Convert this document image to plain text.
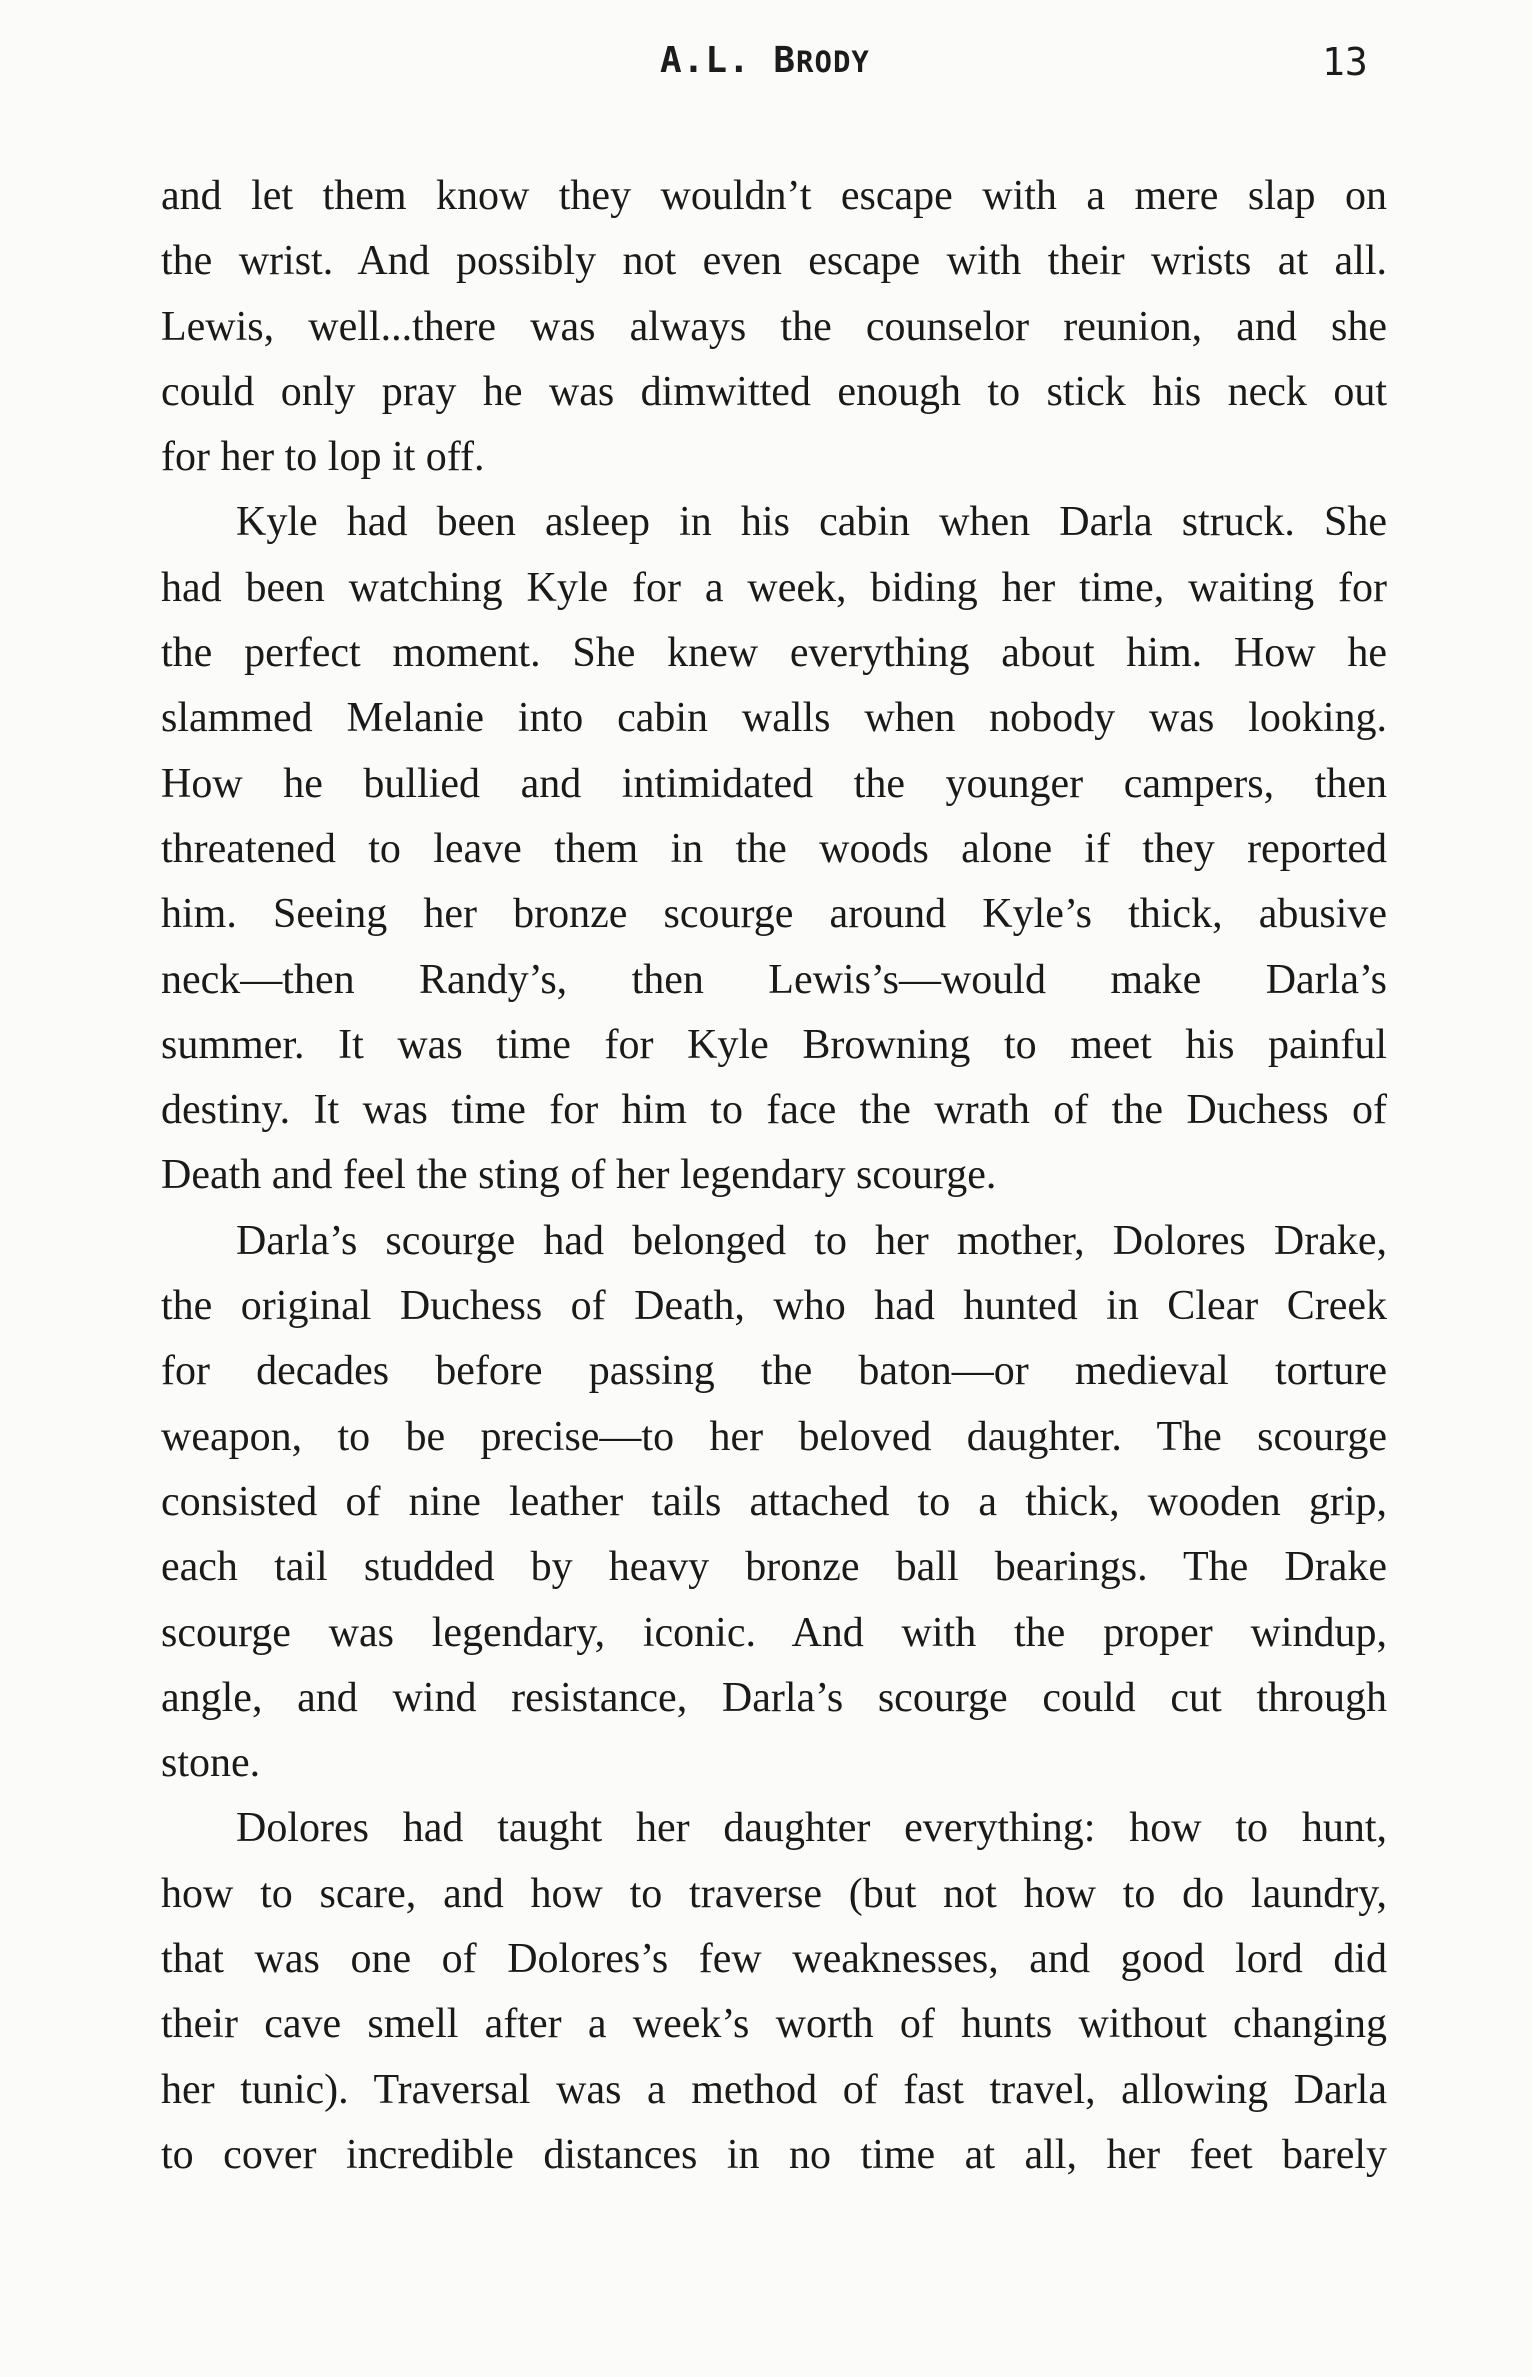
A.L. BRODY	13
and let them know they wouldn’t escape with a mere slap on
the wrist. And possibly not even escape with their wrists at all.
Lewis, well...there was always the counselor reunion, and she
could only pray he was dimwitted enough to stick his neck out
for her to lop it off.
Kyle had been asleep in his cabin when Darla struck. She
had been watching Kyle for a week, biding her time, waiting for
the perfect moment. She knew everything about him. How he
slammed Melanie into cabin walls when nobody was looking.
How he bullied and intimidated the younger campers, then
threatened to leave them in the woods alone if they reported
him. Seeing her bronze scourge around Kyle’s thick, abusive
neck—then Randy’s, then Lewis’s—would make Darla’s
summer. It was time for Kyle Browning to meet his painful
destiny. It was time for him to face the wrath of the Duchess of
Death and feel the sting of her legendary scourge.
Darla’s scourge had belonged to her mother, Dolores Drake,
the original Duchess of Death, who had hunted in Clear Creek
for decades before passing the baton—or medieval torture
weapon, to be precise—to her beloved daughter. The scourge
consisted of nine leather tails attached to a thick, wooden grip,
each tail studded by heavy bronze ball bearings. The Drake
scourge was legendary, iconic. And with the proper windup,
angle, and wind resistance, Darla’s scourge could cut through
stone.
Dolores had taught her daughter everything: how to hunt,
how to scare, and how to traverse (but not how to do laundry,
that was one of Dolores’s few weaknesses, and good lord did
their cave smell after a week’s worth of hunts without changing
her tunic). Traversal was a method of fast travel, allowing Darla
to cover incredible distances in no time at all, her feet barely
